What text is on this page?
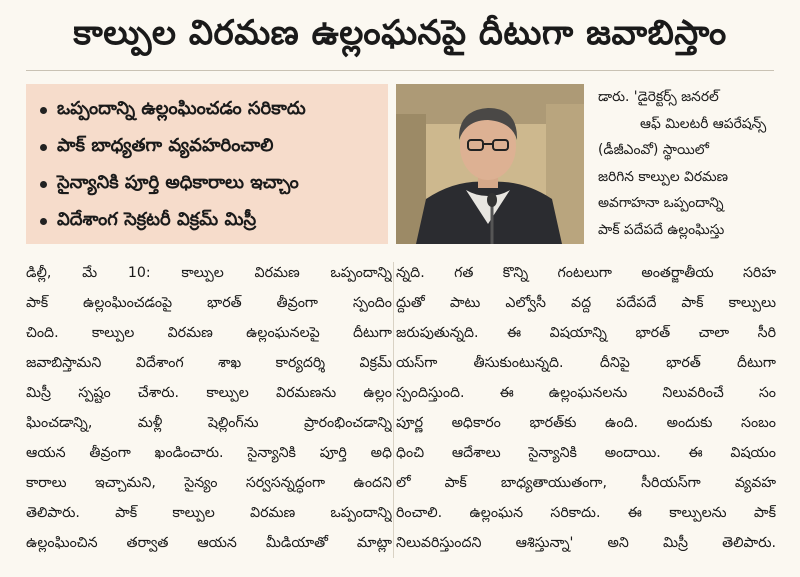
కాల్పుల విరమణ ఉల్లంఘనపై దీటుగా జవాబిస్తాం
ఒప్పందాన్ని ఉల్లంఘించడం సరికాదు
పాక్ బాధ్యతగా వ్యవహరించాలి
సైన్యానికి పూర్తి అధికారాలు ఇచ్చాం
విదేశాంగ సెక్రటరీ విక్రమ్ మిస్రీ
డారు. 'డైరెక్టర్స్ జనరల్
ఆఫ్ మిలటరీ ఆపరేషన్స్
(డీజీఎంవో) స్థాయిలో
జరిగిన కాల్పుల విరమణ
అవగాహనా ఒప్పందాన్ని
పాక్ పదేపదే ఉల్లంఘిస్తు
డిల్లీ, మే 10: కాల్పుల విరమణ ఒప్పందాన్ని
పాక్ ఉల్లంఘించడంపై భారత్ తీవ్రంగా స్పందిం
చింది. కాల్పుల విరమణ ఉల్లంఘనలపై దీటుగా
జవాబిస్తామని విదేశాంగ శాఖ కార్యదర్శి విక్రమ్
మిస్రీ స్పష్టం చేశారు. కాల్పుల విరమణను ఉల్లం
ఘించడాన్ని, మళ్లీ షెల్లింగ్‌ను ప్రారంభించడాన్ని
ఆయన తీవ్రంగా ఖండించారు. సైన్యానికి పూర్తి అధి
కారాలు ఇచ్చామని, సైన్యం సర్వసన్నద్ధంగా ఉందని
తెలిపారు. పాక్ కాల్పుల విరమణ ఒప్పందాన్ని
ఉల్లంఘించిన తర్వాత ఆయన మీడియాతో మాట్లా
న్నది. గత కొన్ని గంటలుగా అంతర్జాతీయ సరిహ
ద్దుతో పాటు ఎల్వోసీ వద్ద పదేపదే పాక్ కాల్పులు
జరుపుతున్నది. ఈ విషయాన్ని భారత్ చాలా సీరి
యస్‌గా తీసుకుంటున్నది. దీనిపై భారత్ దీటుగా
స్పందిస్తుంది. ఈ ఉల్లంఘనలను నిలువరించే సం
పూర్ణ అధికారం భారత్‌కు ఉంది. అందుకు సంబం
ధించి ఆదేశాలు సైన్యానికి అందాయి. ఈ విషయం
లో పాక్ బాధ్యతాయుతంగా, సీరియస్‌గా వ్యవహ
రించాలి. ఉల్లంఘన సరికాదు. ఈ కాల్పులను పాక్
నిలువరిస్తుందని ఆశిస్తున్నా' అని మిస్రీ తెలిపారు.
